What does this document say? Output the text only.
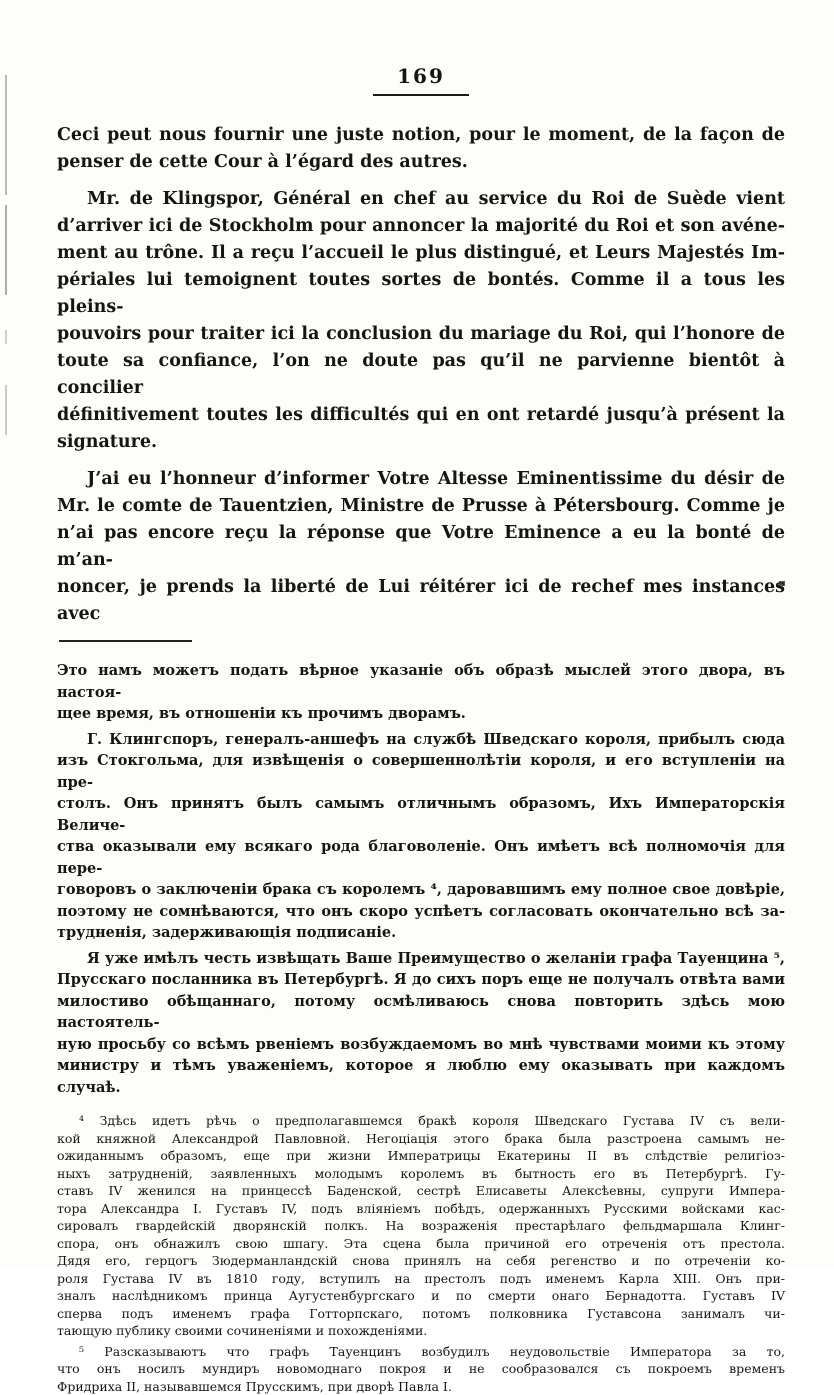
169
Ceci peut nous fournir une juste notion, pour le moment, de la façon de
penser de cette Cour à l’égard des autres.
Mr. de Klingspor, Général en chef au service du Roi de Suède vient
d’arriver ici de Stockholm pour annoncer la majorité du Roi et son avéne-
ment au trône. Il a reçu l’accueil le plus distingué, et Leurs Majestés Im-
périales lui temoignent toutes sortes de bontés. Comme il a tous les pleins-
pouvoirs pour traiter ici la conclusion du mariage du Roi, qui l’honore de
toute sa confiance, l’on ne doute pas qu’il ne parvienne bientôt à concilier
définitivement toutes les difficultés qui en ont retardé jusqu’à présent la
signature.
J’ai eu l’honneur d’informer Votre Altesse Eminentissime du désir de
Mr. le comte de Tauentzien, Ministre de Prusse à Pétersbourg. Comme je
n’ai pas encore reçu la réponse que Votre Eminence a eu la bonté de m’an-
noncer, je prends la liberté de Lui réitérer ici de rechef mes instances avec
Это намъ можетъ подать вѣрное указаніе объ образѣ мыслей этого двора, въ настоя-
щее время, въ отношеніи къ прочимъ дворамъ.
Г. Клингспоръ, генералъ-аншефъ на службѣ Шведскаго короля, прибылъ сюда
изъ Стокгольма, для извѣщенія о совершеннолѣтіи короля, и его вступленіи на пре-
столъ. Онъ принятъ былъ самымъ отличнымъ образомъ, Ихъ Императорскія Величе-
ства оказывали ему всякаго рода благоволеніе. Онъ имѣетъ всѣ полномочія для пере-
говоровъ о заключеніи брака съ королемъ ⁴, даровавшимъ ему полное свое довѣріе,
поэтому не сомнѣваются, что онъ скоро успѣетъ согласовать окончательно всѣ за-
трудненія, задерживающія подписаніе.
Я уже имѣлъ честь извѣщать Ваше Преимущество о желаніи графа Тауенцина ⁵,
Прусскаго посланника въ Петербургѣ. Я до сихъ поръ еще не получалъ отвѣта вами
милостиво обѣщаннаго, потому осмѣливаюсь снова повторить здѣсь мою настоятель-
ную просьбу со всѣмъ рвеніемъ возбуждаемомъ во мнѣ чувствами моими къ этому
министру и тѣмъ уваженіемъ, которое я люблю ему оказывать при каждомъ случаѣ.
⁴ Здѣсь идетъ рѣчь о предполагавшемся бракѣ короля Шведскаго Густава IV съ вели-
кой княжной Александрой Павловной. Негоціація этого брака была разстроена самымъ не-
ожиданнымъ образомъ, еще при жизни Императрицы Екатерины II въ слѣдствіе религіоз-
ныхъ затрудненій, заявленныхъ молодымъ королемъ въ бытность его въ Петербургѣ. Гу-
ставъ IV женился на принцессѣ Баденской, сестрѣ Елисаветы Алексѣевны, супруги Импера-
тора Александра I. Густавъ IV, подъ вліяніемъ побѣдъ, одержанныхъ Русскими войсками кас-
сировалъ гвардейскій дворянскій полкъ. На возраженія престарѣлаго фельдмаршала Клинг-
спора, онъ обнажилъ свою шпагу. Эта сцена была причиной его отреченія отъ престола.
Дядя его, герцогъ Зюдерманландскій снова принялъ на себя регенство и по отреченіи ко-
роля Густава IV въ 1810 году, вступилъ на престолъ подъ именемъ Карла XIII. Онъ при-
зналъ наслѣдникомъ принца Аугустенбургскаго и по смерти онаго Бернадотта. Густавъ IV
сперва подъ именемъ графа Готторпскаго, потомъ полковника Густавсона занималъ чи-
тающую публику своими сочиненіями и похожденіями.
⁵ Разсказываютъ что графъ Тауенцинъ возбудилъ неудовольствіе Императора за то,
что онъ носилъ мундиръ новомоднаго покроя и не сообразовался съ покроемъ временъ
Фридриха II, называвшемся Прусскимъ, при дворѣ Павла I.
